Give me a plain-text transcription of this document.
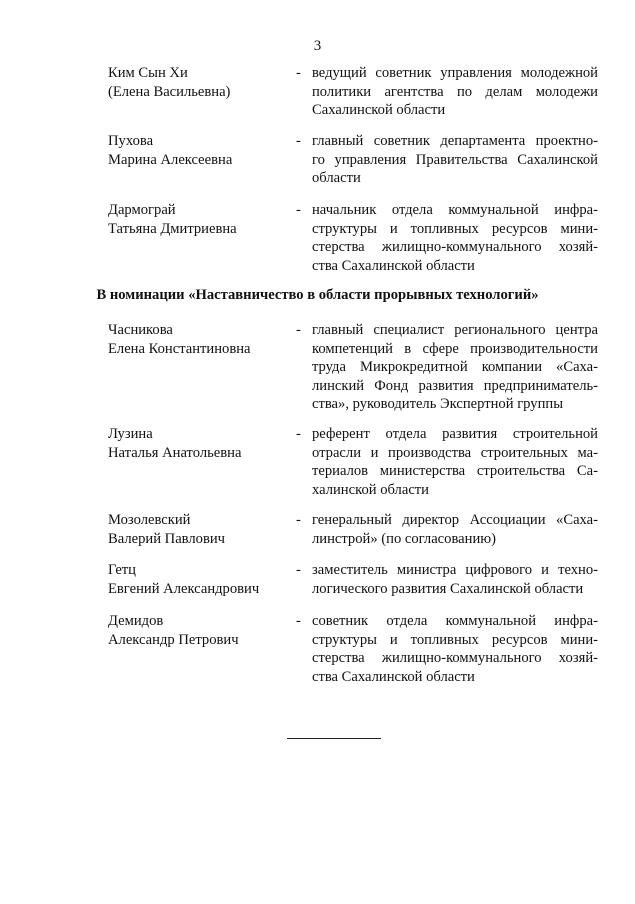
3
Ким Сын Хи
(Елена Васильевна)
- ведущий советник управления молодежной
политики агентства по делам молодежи
Сахалинской области
Пухова
Марина Алексеевна
- главный советник департамента проектно-
го управления Правительства Сахалинской
области
Дармограй
Татьяна Дмитриевна
- начальник отдела коммунальной инфра-
структуры и топливных ресурсов мини-
стерства жилищно-коммунального хозяй-
ства Сахалинской области
В номинации «Наставничество в области прорывных технологий»
Часникова
Елена Константиновна
- главный специалист регионального центра
компетенций в сфере производительности
труда Микрокредитной компании «Саха-
линский Фонд развития предприниматель-
ства», руководитель Экспертной группы
Лузина
Наталья Анатольевна
- референт отдела развития строительной
отрасли и производства строительных ма-
териалов министерства строительства Са-
халинской области
Мозолевский
Валерий Павлович
- генеральный директор Ассоциации «Саха-
линстрой» (по согласованию)
Гетц
Евгений Александрович
- заместитель министра цифрового и техно-
логического развития Сахалинской области
Демидов
Александр Петрович
- советник отдела коммунальной инфра-
структуры и топливных ресурсов мини-
стерства жилищно-коммунального хозяй-
ства Сахалинской области
